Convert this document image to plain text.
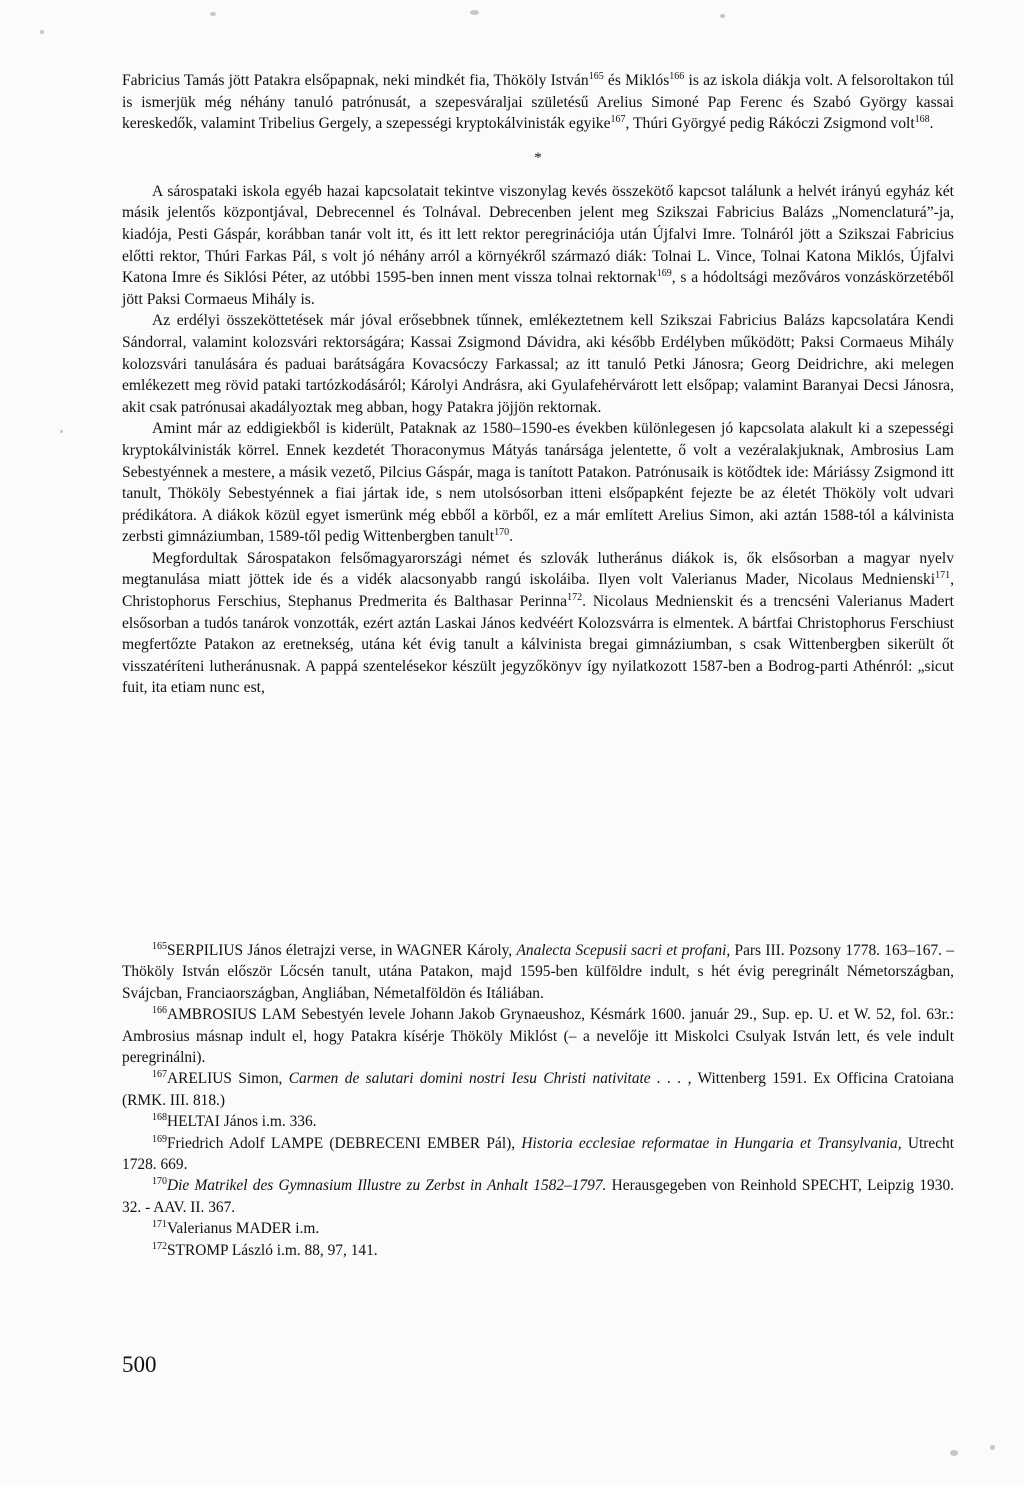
Fabricius Tamás jött Patakra elsőpapnak, neki mindkét fia, Thököly István$^{165}$ és Miklós$^{166}$ is az iskola diákja volt. A felsoroltakon túl is ismerjük még néhány tanuló patrónusát, a szepesváraljai születésű Arelius Simoné Pap Ferenc és Szabó György kassai kereskedők, valamint Tribelius Gergely, a szepességi kryptokálvinisták egyike$^{167}$, Thúri Györgyé pedig Rákóczi Zsigmond volt$^{168}$.

*

A sárospataki iskola egyéb hazai kapcsolatait tekintve viszonylag kevés összekötő kapcsot találunk a helvét irányú egyház két másik jelentős központjával, Debrecennel és Tolnával. Debrecenben jelent meg Szikszai Fabricius Balázs „Nomenclaturá”-ja, kiadója, Pesti Gáspár, korábban tanár volt itt, és itt lett rektor peregrinációja után Újfalvi Imre. Tolnáról jött a Szikszai Fabricius előtti rektor, Thúri Farkas Pál, s volt jó néhány arról a környékről származó diák: Tolnai L. Vince, Tolnai Katona Miklós, Újfalvi Katona Imre és Siklósi Péter, az utóbbi 1595-ben innen ment vissza tolnai rektornak$^{169}$, s a hódoltsági mezőváros vonzáskörzetéből jött Paksi Cormaeus Mihály is.

Az erdélyi összeköttetések már jóval erősebbnek tűnnek, emlékeztetnem kell Szikszai Fabricius Balázs kapcsolatára Kendi Sándorral, valamint kolozsvári rektorságára; Kassai Zsigmond Dávidra, aki később Erdélyben működött; Paksi Cormaeus Mihály kolozsvári tanulására és paduai barátságára Kovacsóczy Farkassal; az itt tanuló Petki Jánosra; Georg Deidrichre, aki melegen emlékezett meg rövid pataki tartózkodásáról; Károlyi Andrásra, aki Gyulafehérvárott lett elsőpap; valamint Baranyai Decsi Jánosra, akit csak patrónusai akadályoztak meg abban, hogy Patakra jöjjön rektornak.

Amint már az eddigiekből is kiderült, Pataknak az 1580–1590-es években különlegesen jó kapcsolata alakult ki a szepességi kryptokálvinisták körrel. Ennek kezdetét Thoraconymus Mátyás tanársága jelentette, ő volt a vezéralakjuknak, Ambrosius Lam Sebestyénnek a mestere, a másik vezető, Pilcius Gáspár, maga is tanított Patakon. Patrónusaik is kötődtek ide: Máriássy Zsigmond itt tanult, Thököly Sebestyénnek a fiai jártak ide, s nem utolsósorban itteni elsőpapként fejezte be az életét Thököly volt udvari prédikátora. A diákok közül egyet ismerünk még ebből a körből, ez a már említett Arelius Simon, aki aztán 1588-tól a kálvinista zerbsti gimnáziumban, 1589-től pedig Wittenbergben tanult$^{170}$.

Megfordultak Sárospatakon felsőmagyarországi német és szlovák lutheránus diákok is, ők elsősorban a magyar nyelv megtanulása miatt jöttek ide és a vidék alacsonyabb rangú iskoláiba. Ilyen volt Valerianus Mader, Nicolaus Mednienski$^{171}$, Christophorus Ferschius, Stephanus Predmerita és Balthasar Perinna$^{172}$. Nicolaus Mednienskit és a trencséni Valerianus Madert elsősorban a tudós tanárok vonzották, ezért aztán Laskai János kedvéért Kolozsvárra is elmentek. A bártfai Christophorus Ferschiust megfertőzte Patakon az eretnekség, utána két évig tanult a kálvinista bregai gimnáziumban, s csak Wittenbergben sikerült őt visszatéríteni lutheránusnak. A pappá szentelésekor készült jegyzőkönyv így nyilatkozott 1587-ben a Bodrog-parti Athénról: „sicut fuit, ita etiam nunc est,

$^{165}$SERPILIUS János életrajzi verse, in WAGNER Károly, Analecta Scepusii sacri et profani, Pars III. Pozsony 1778. 163–167. – Thököly István először Lőcsén tanult, utána Patakon, majd 1595-ben külföldre indult, s hét évig peregrinált Németországban, Svájcban, Franciaországban, Angliában, Németalföldön és Itáliában.

$^{166}$AMBROSIUS LAM Sebestyén levele Johann Jakob Grynaeushoz, Késmárk 1600. január 29., Sup. ep. U. et W. 52, fol. 63r.: Ambrosius másnap indult el, hogy Patakra kísérje Thököly Miklóst (– a nevelője itt Miskolci Csulyak István lett, és vele indult peregrinálni).

$^{167}$ARELIUS Simon, Carmen de salutari domini nostri Iesu Christi nativitate . . . , Wittenberg 1591. Ex Officina Cratoiana (RMK. III. 818.)

$^{168}$HELTAI János i.m. 336.

$^{169}$Friedrich Adolf LAMPE (DEBRECENI EMBER Pál), Historia ecclesiae reformatae in Hungaria et Transylvania, Utrecht 1728. 669.

$^{170}$Die Matrikel des Gymnasium Illustre zu Zerbst in Anhalt 1582–1797. Herausgegeben von Reinhold SPECHT, Leipzig 1930. 32. - AAV. II. 367.

$^{171}$Valerianus MADER i.m.

$^{172}$STROMP László i.m. 88, 97, 141.

500
